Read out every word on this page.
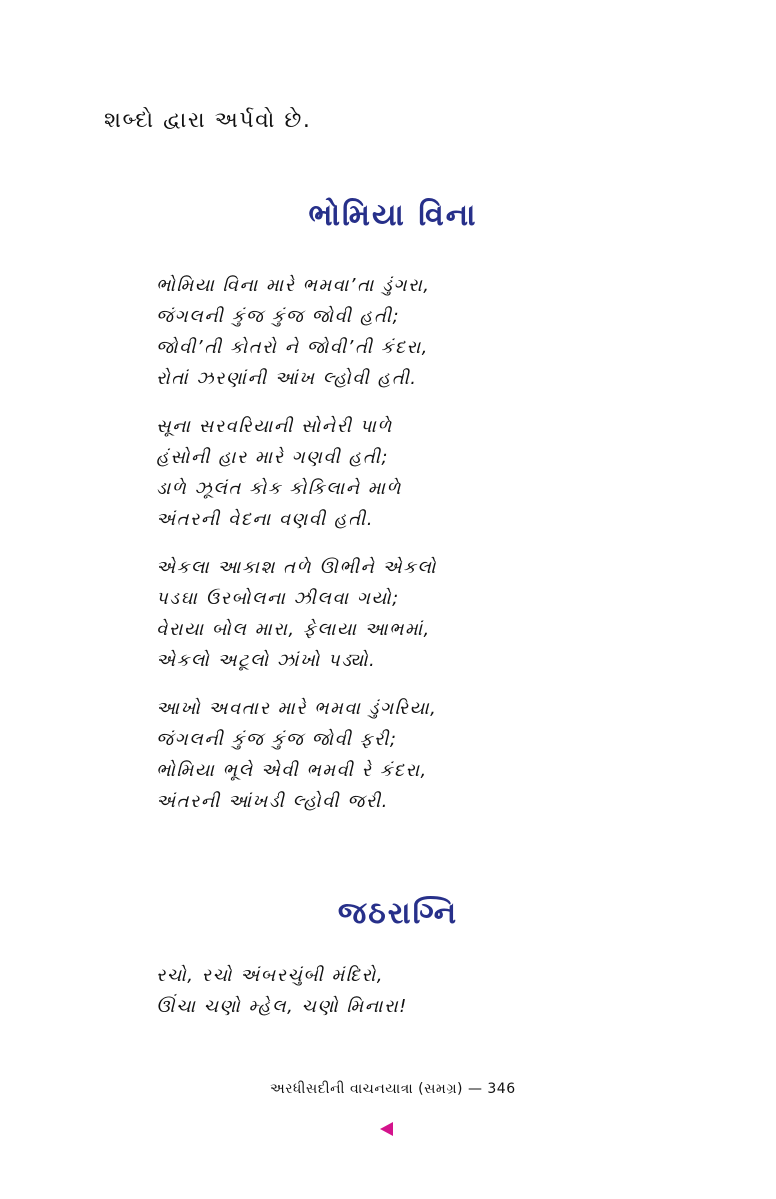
શબ્દો દ્વારા અર્પવો છે.
ભોમિયા વિના
ભોમિયા વિના મારે ભમવા’તા ડુંગરા,
જંગલની કુંજ કુંજ જોવી હતી;
જોવી’તી કોતરો ને જોવી’તી કંદરા,
રોતાં ઝરણાંની આંખ લ્હોવી હતી.
સૂના સરવરિયાની સોનેરી પાળે
હંસોની હાર મારે ગણવી હતી;
ડાળે ઝૂલંત કોક કોકિલાને માળે
અંતરની વેદના વણવી હતી.
એકલા આકાશ તળે ઊભીને એકલો
પડઘા ઉરબોલના ઝીલવા ગયો;
વેરાયા બોલ મારા, ફેલાયા આભમાં,
એકલો અટૂલો ઝાંખો પડ્યો.
આખો અવતાર મારે ભમવા ડુંગરિયા,
જંગલની કુંજ કુંજ જોવી ફરી;
ભોમિયા ભૂલે એવી ભમવી રે કંદરા,
અંતરની આંખડી લ્હોવી જરી.
જઠરાગ્નિ
રચો, રચો અંબરચુંબી મંદિરો,
ઊંચા ચણો મ્હેલ, ચણો મિનારા!
અરધીસદીની વાચનયાત્રા (સમગ્ર) — 346
